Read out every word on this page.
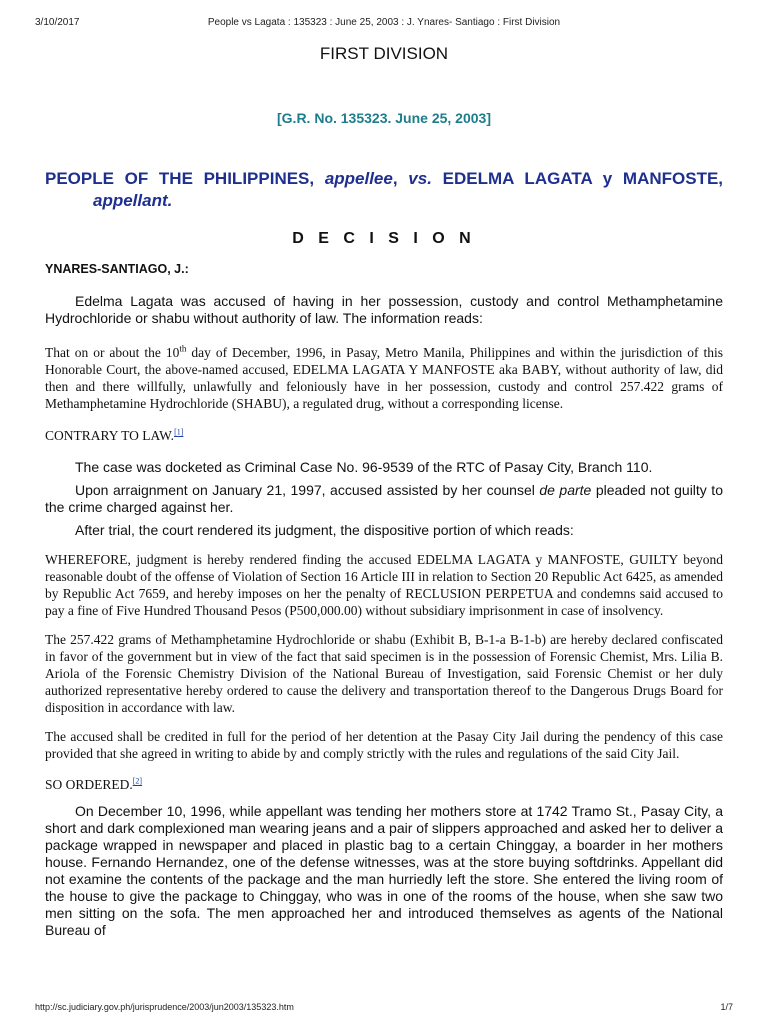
3/10/2017	People vs Lagata : 135323 : June 25, 2003 : J. Ynares- Santiago : First Division
FIRST DIVISION
[G.R. No. 135323. June 25, 2003]
PEOPLE OF THE PHILIPPINES, appellee, vs. EDELMA LAGATA y MANFOSTE, appellant.
D E C I S I O N
YNARES-SANTIAGO, J.:

Edelma Lagata was accused of having in her possession, custody and control Methamphetamine Hydrochloride or shabu without authority of law. The information reads:

That on or about the 10th day of December, 1996, in Pasay, Metro Manila, Philippines and within the jurisdiction of this Honorable Court, the above-named accused, EDELMA LAGATA Y MANFOSTE aka BABY, without authority of law, did then and there willfully, unlawfully and feloniously have in her possession, custody and control 257.422 grams of Methamphetamine Hydrochloride (SHABU), a regulated drug, without a corresponding license.

CONTRARY TO LAW.[1]

The case was docketed as Criminal Case No. 96-9539 of the RTC of Pasay City, Branch 110.

Upon arraignment on January 21, 1997, accused assisted by her counsel de parte pleaded not guilty to the crime charged against her.

After trial, the court rendered its judgment, the dispositive portion of which reads:

WHEREFORE, judgment is hereby rendered finding the accused EDELMA LAGATA y MANFOSTE, GUILTY beyond reasonable doubt of the offense of Violation of Section 16 Article III in relation to Section 20 Republic Act 6425, as amended by Republic Act 7659, and hereby imposes on her the penalty of RECLUSION PERPETUA and condemns said accused to pay a fine of Five Hundred Thousand Pesos (P500,000.00) without subsidiary imprisonment in case of insolvency.

The 257.422 grams of Methamphetamine Hydrochloride or shabu (Exhibit B, B-1-a B-1-b) are hereby declared confiscated in favor of the government but in view of the fact that said specimen is in the possession of Forensic Chemist, Mrs. Lilia B. Ariola of the Forensic Chemistry Division of the National Bureau of Investigation, said Forensic Chemist or her duly authorized representative hereby ordered to cause the delivery and transportation thereof to the Dangerous Drugs Board for disposition in accordance with law.

The accused shall be credited in full for the period of her detention at the Pasay City Jail during the pendency of this case provided that she agreed in writing to abide by and comply strictly with the rules and regulations of the said City Jail.

SO ORDERED.[2]

On December 10, 1996, while appellant was tending her mothers store at 1742 Tramo St., Pasay City, a short and dark complexioned man wearing jeans and a pair of slippers approached and asked her to deliver a package wrapped in newspaper and placed in plastic bag to a certain Chinggay, a boarder in her mothers house. Fernando Hernandez, one of the defense witnesses, was at the store buying softdrinks. Appellant did not examine the contents of the package and the man hurriedly left the store. She entered the living room of the house to give the package to Chinggay, who was in one of the rooms of the house, when she saw two men sitting on the sofa. The men approached her and introduced themselves as agents of the National Bureau of

http://sc.judiciary.gov.ph/jurisprudence/2003/jun2003/135323.htm	1/7
